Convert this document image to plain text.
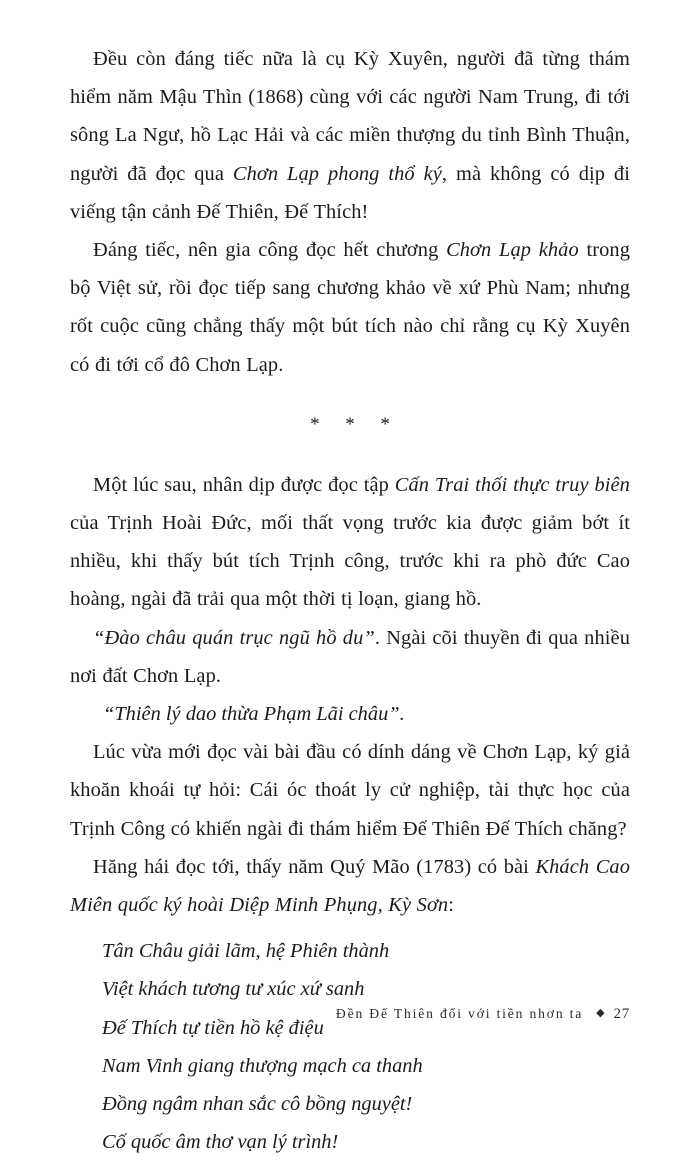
Đều còn đáng tiếc nữa là cụ Kỳ Xuyên, người đã từng thám hiểm năm Mậu Thìn (1868) cùng với các người Nam Trung, đi tới sông La Ngư, hồ Lạc Hải và các miền thượng du tỉnh Bình Thuận, người đã đọc qua Chơn Lạp phong thổ ký, mà không có dịp đi viếng tận cảnh Đế Thiên, Đế Thích!

Đáng tiếc, nên gia công đọc hết chương Chơn Lạp khảo trong bộ Việt sử, rồi đọc tiếp sang chương khảo về xứ Phù Nam; nhưng rốt cuộc cũng chẳng thấy một bút tích nào chỉ rằng cụ Kỳ Xuyên có đi tới cổ đô Chơn Lạp.

* * *

Một lúc sau, nhân dịp được đọc tập Cấn Trai thối thực truy biên của Trịnh Hoài Đức, mối thất vọng trước kia được giảm bớt ít nhiều, khi thấy bút tích Trịnh công, trước khi ra phò đức Cao hoàng, ngài đã trải qua một thời tị loạn, giang hồ.

“Đào châu quán trục ngũ hồ du”. Ngài cõi thuyền đi qua nhiều nơi đất Chơn Lạp.

“Thiên lý dao thừa Phạm Lãi châu”.

Lúc vừa mới đọc vài bài đầu có dính dáng về Chơn Lạp, ký giả khoăn khoái tự hỏi: Cái óc thoát ly cử nghiệp, tài thực học của Trịnh Công có khiến ngài đi thám hiểm Đế Thiên Đế Thích chăng?

Hăng hái đọc tới, thấy năm Quý Mão (1783) có bài Khách Cao Miên quốc ký hoài Diệp Minh Phụng, Kỳ Sơn:

Tân Châu giải lãm, hệ Phiên thành
Việt khách tương tư xúc xứ sanh
Đế Thích tự tiền hồ kệ điệu
Nam Vinh giang thượng mạch ca thanh
Đồng ngâm nhan sắc cô bồng nguyệt!
Cố quốc âm thơ vạn lý trình!
Đền Đế Thiên đối với tiền nhơn ta ◆ 27
